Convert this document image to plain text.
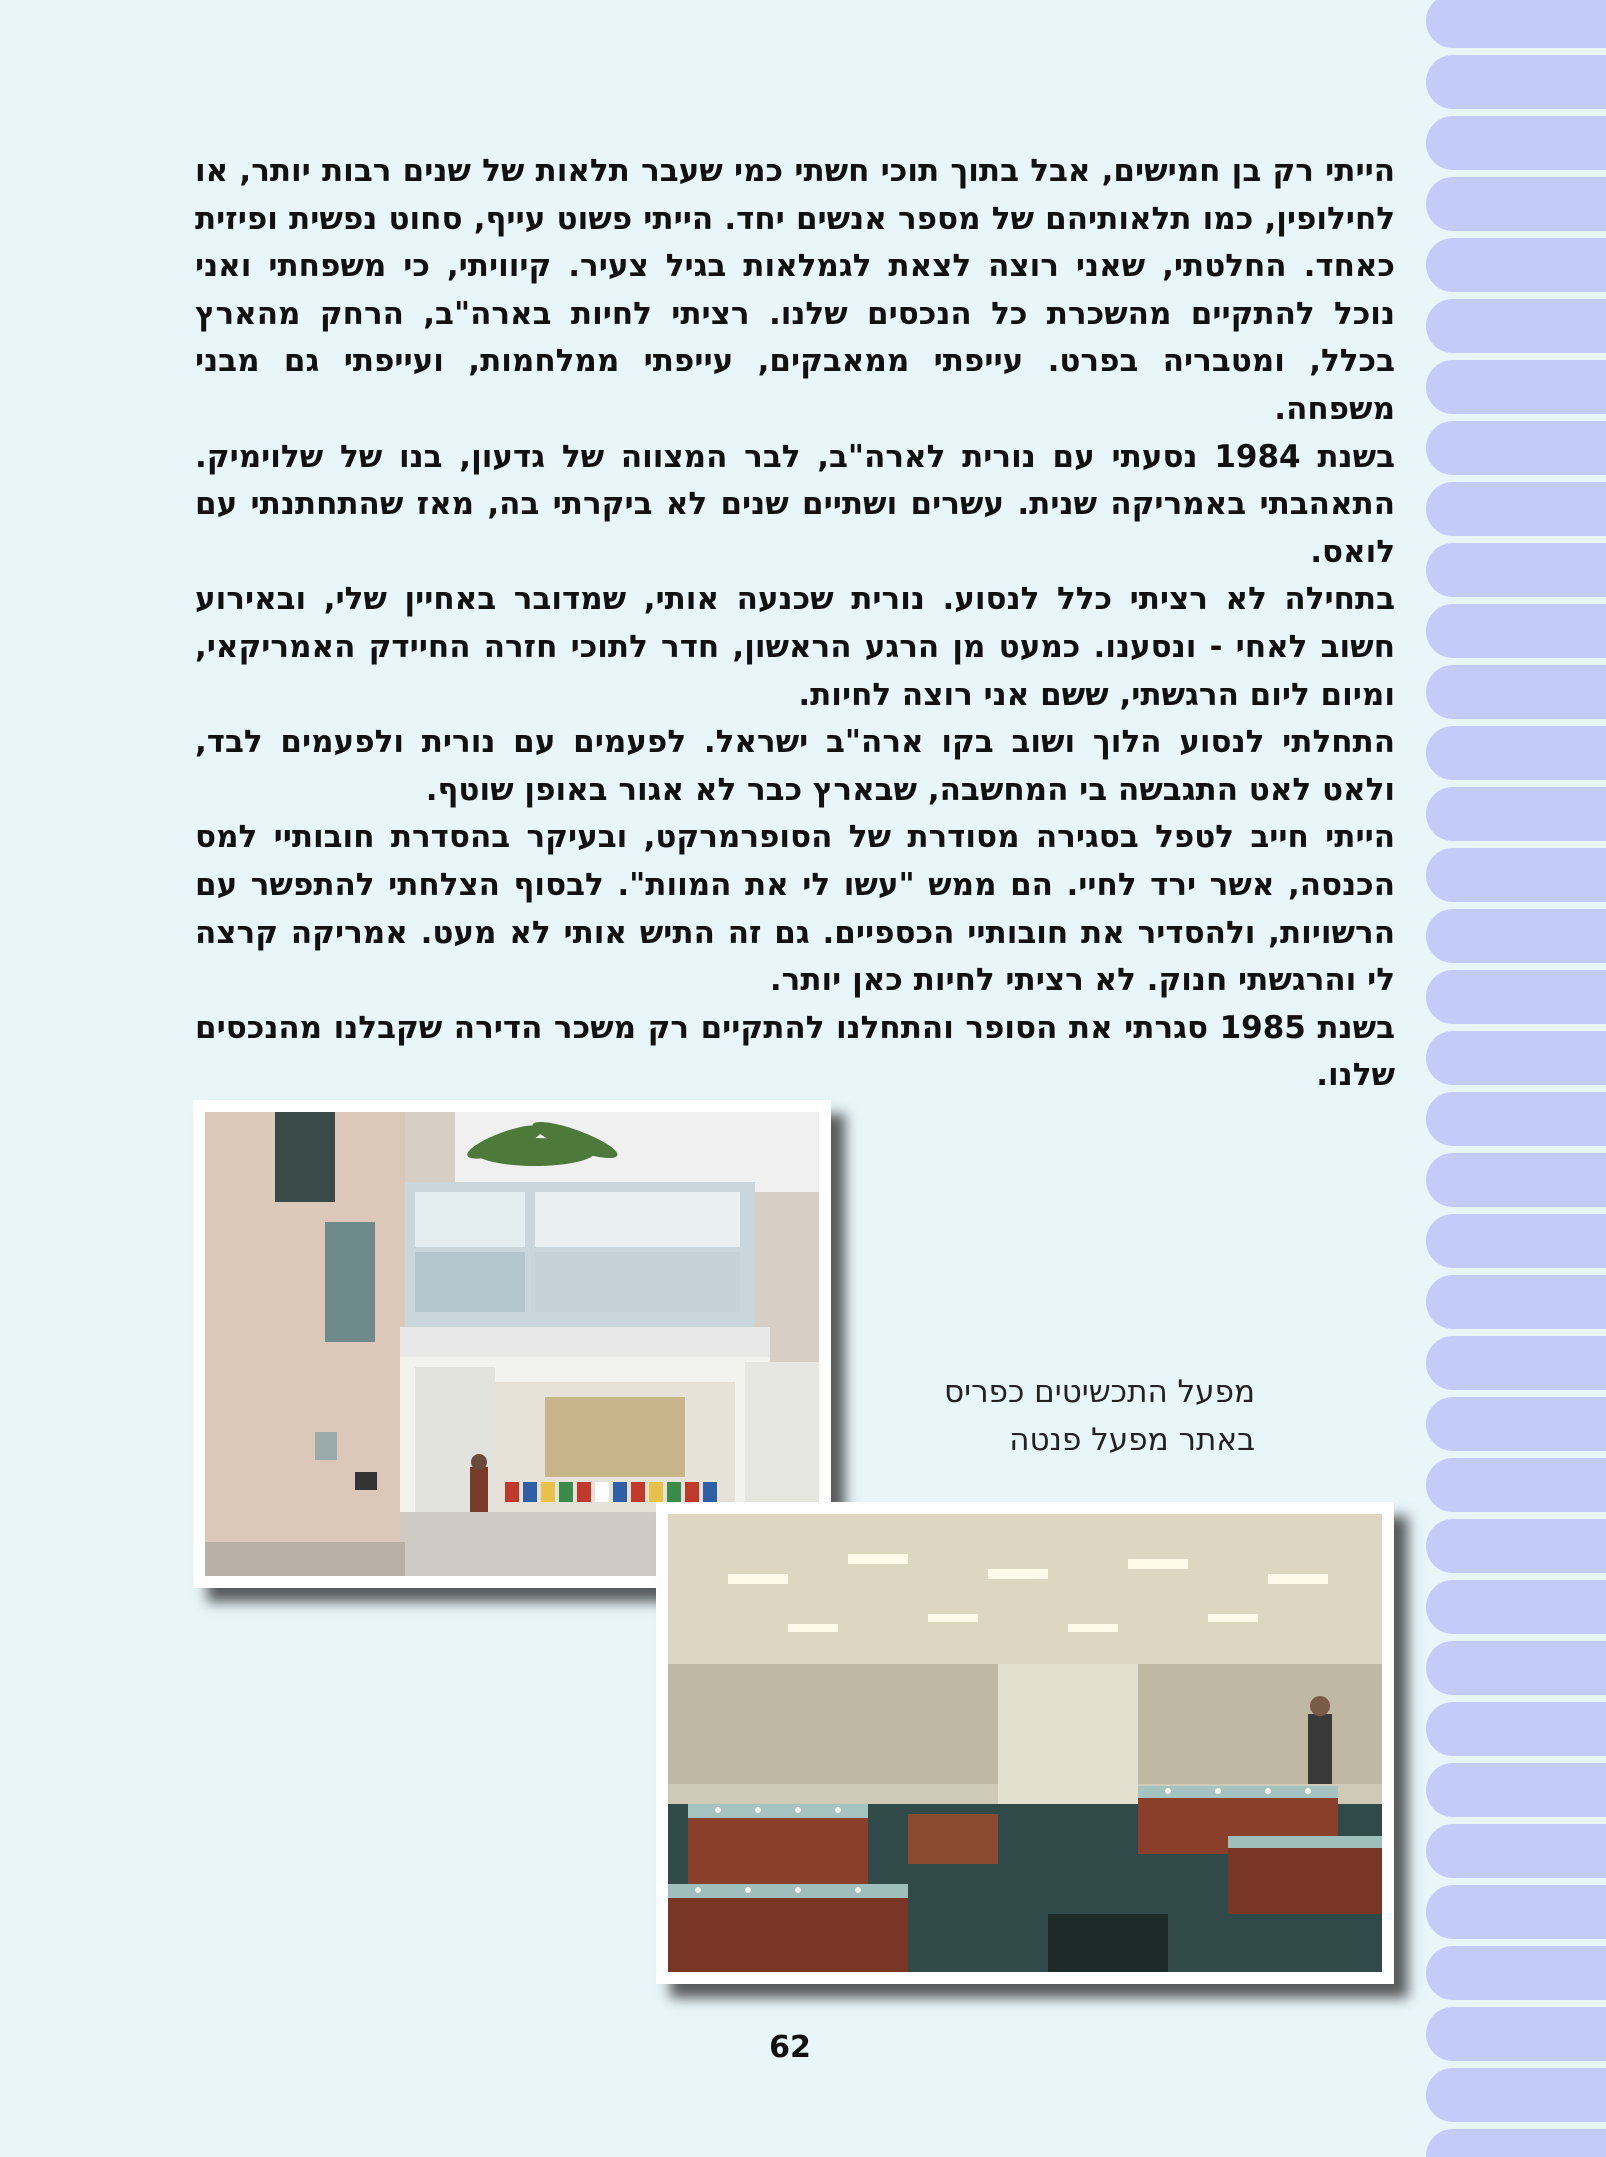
הייתי רק בן חמישים, אבל בתוך תוכי חשתי כמי שעבר תלאות של שנים רבות יותר, או לחילופין, כמו תלאותיהם של מספר אנשים יחד. הייתי פשוט עייף, סחוט נפשית ופיזית כאחד. החלטתי, שאני רוצה לצאת לגמלאות בגיל צעיר. קיוויתי, כי משפחתי ואני נוכל להתקיים מהשכרת כל הנכסים שלנו. רציתי לחיות בארה"ב, הרחק מהארץ בכלל, ומטבריה בפרט. עייפתי ממאבקים, עייפתי ממלחמות, ועייפתי גם מבני משפחה.

בשנת 1984 נסעתי עם נורית לארה"ב, לבר המצווה של גדעון, בנו של שלוימיק. התאהבתי באמריקה שנית. עשרים ושתיים שנים לא ביקרתי בה, מאז שהתחתנתי עם לואס.

בתחילה לא רציתי כלל לנסוע. נורית שכנעה אותי, שמדובר באחיין שלי, ובאירוע חשוב לאחי - ונסענו. כמעט מן הרגע הראשון, חדר לתוכי חזרה החיידק האמריקאי, ומיום ליום הרגשתי, ששם אני רוצה לחיות.

התחלתי לנסוע הלוך ושוב בקו ארה"ב ישראל. לפעמים עם נורית ולפעמים לבד, ולאט לאט התגבשה בי המחשבה, שבארץ כבר לא אגור באופן שוטף.

הייתי חייב לטפל בסגירה מסודרת של הסופרמרקט, ובעיקר בהסדרת חובותיי למס הכנסה, אשר ירד לחיי. הם ממש "עשו לי את המוות". לבסוף הצלחתי להתפשר עם הרשויות, ולהסדיר את חובותיי הכספיים. גם זה התיש אותי לא מעט. אמריקה קרצה לי והרגשתי חנוק. לא רציתי לחיות כאן יותר.

בשנת 1985 סגרתי את הסופר והתחלנו להתקיים רק משכר הדירה שקבלנו מהנכסים שלנו.

מפעל התכשיטים כפריס
באתר מפעל פנטה
62
